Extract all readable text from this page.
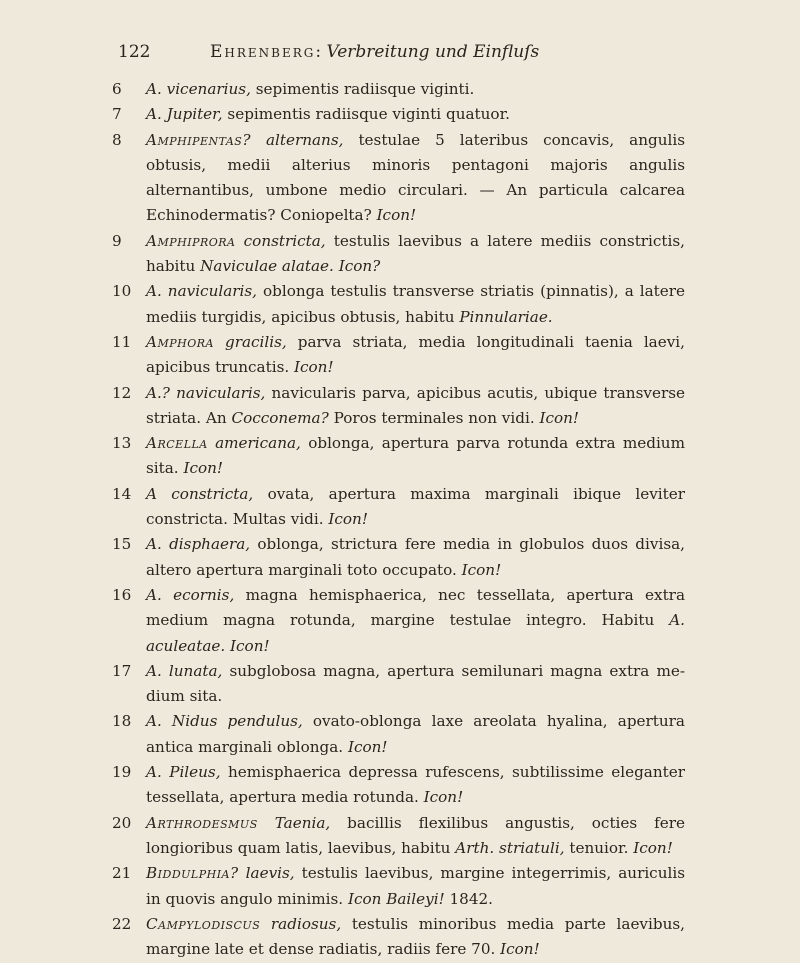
122	Ehrenberg: Verbreitung und Einfluſs

6	A. vicenarius, sepimentis radiisque viginti.

7	A. Jupiter, sepimentis radiisque viginti quatuor.

8	Amphipentas? alternans, testulae 5 lateribus concavis, angulis obtusis, medii alterius minoris pentagoni majoris angulis alternantibus, umbone medio circulari. — An particula calcarea Echinodermatis? Coniopelta? Icon!

9	Amphiprora constricta, testulis laevibus a latere mediis constrictis, habitu Naviculae alatae. Icon?

10 A. navicularis, oblonga testulis transverse striatis (pinnatis), a latere mediis turgidis, apicibus obtusis, habitu Pinnulariae.

11 Amphora gracilis, parva striata, media longitudinali taenia laevi, apicibus truncatis. Icon!

12 A.? navicularis, navicularis parva, apicibus acutis, ubique transverse striata. An Cocconema? Poros terminales non vidi. Icon!

13 Arcella americana, oblonga, apertura parva rotunda extra medium sita. Icon!

14 A constricta, ovata, apertura maxima marginali ibique leviter constricta. Multas vidi. Icon!

15 A. disphaera, oblonga, strictura fere media in globulos duos divisa, altero apertura marginali toto occupato. Icon!

16 A. ecornis, magna hemisphaerica, nec tessellata, apertura extra medium magna rotunda, margine testulae integro. Habitu A. aculeatae. Icon!

17 A. lunata, subglobosa magna, apertura semilunari magna extra medium sita.

18 A. Nidus pendulus, ovato-oblonga laxe areolata hyalina, apertura antica marginali oblonga. Icon!

19 A. Pileus, hemisphaerica depressa rufescens, subtilissime eleganter tessellata, apertura media rotunda. Icon!

20 Arthrodesmus Taenia, bacillis flexilibus angustis, octies fere longioribus quam latis, laevibus, habitu Arth. striatuli, tenuior. Icon!

21 Biddulphia? laevis, testulis laevibus, margine integerrimis, auriculis in quovis angulo minimis. Icon Baileyi! 1842.

22 Campylodiscus radiosus, testulis minoribus media parte laevibus, margine late et dense radiatis, radiis fere 70. Icon!
